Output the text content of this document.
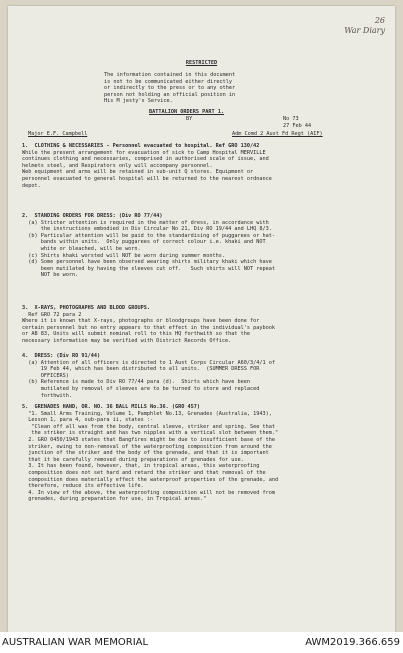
26
War Diary
RESTRICTED
The information contained in this document
is not to be communicated either directly
or indirectly to the press or to any other
person not holding an official position in
His M jesty's Service.
BATTALION ORDERS PART 1.
BY	No 73
27 Feb 44
Major E.F. Campbell	Adm Comd 2 Aust Fd Regt (AIF)
1.  CLOTHING & NECESSARIES - Personnel evacuated to hospital. Ref GRO 130/42
While the present arrangement for evacuation of sick to Camp Hospital MERVILLE
continues clothing and necessaries, comprised in authorised scale of issue, and
helmets steel, and Respirators only will accompany personnel.
Web equipment and arms will be retained in sub-unit Q stores. Equipment or
personnel evacuated to general hospital will be returned to the nearest ordnance
depot.
2.  STANDING ORDERS FOR DRESS: (Div RO 77/44)
(a) Stricter attention is required in the matter of dress, in accordance with
the instructions embodied in Div Circular No 21, Div RO 19/44 and LHQ 8/3.
(b) Particular attention will be paid to the standardising of puggarees or hat-
bands within units.  Only puggarees of correct colour i.e. khaki and NOT
white or bleached, will be worn.
(c) Shirts khaki worsted will NOT be worn during summer months.
(d) Some personnel have been observed wearing shirts military khaki which have
been mutilated by having the sleeves cut off.   Such shirts will NOT repeat
NOT be worn.
3.  X-RAYS, PHOTOGRAPHS AND BLOOD GROUPS.
Ref GRO 72 para 2
Where it is known that X-rays, photographs or bloodgroups have been done for
certain personnel but no entry appears to that effect in the individual's paybook
or AB 83, Units will submit nominal roll to this HQ forthwith so that the
necessary information may be verified with District Records Office.
4.  DRESS: (Div RO 91/44)
(a) Attention of all officers is directed to 1 Aust Corps Circular A60/3/4/1 of
19 Feb 44, which has been distributed to all units.  (SUMMER DRESS FOR
OFFICERS)
(b) Reference is made to Div RO 77/44 para (d).  Shirts which have been
mutilated by removal of sleeves are to be turned to store and replaced
forthwith.
5.  GRENADES HAND, OR. NO. 36 BALL MILLS No.36. (GRO 457)
"1. Small Arms Training, Volume 1, Pamphlet No.13, Grenades (Australia, 1943),
Lesson 1, para 4, sub-para ii, states :-
"Clean off all wax from the body, central sleeve, striker and spring. See that
the striker is straight and has two nipples with a vertical slot between them."
2. GRO 0450/1943 states that Bangfires might be due to insufficient base of the
striker, owing to non-removal of the waterproofing composition from around the
junction of the striker and the body of the grenade, and that it is important
that it be carefully removed during preparations of grenades for use.
3. It has been found, however, that, in tropical areas, this waterproofing
composition does not set hard and retard the striker and that removal of the
composition does materially effect the waterproof properties of the grenade, and
therefore, reduce its effective life.
4. In view of the above, the waterproofing composition will not be removed from
grenades, during preparation for use, in Tropical areas."
AUSTRALIAN WAR MEMORIAL	AWM2019.366.659
